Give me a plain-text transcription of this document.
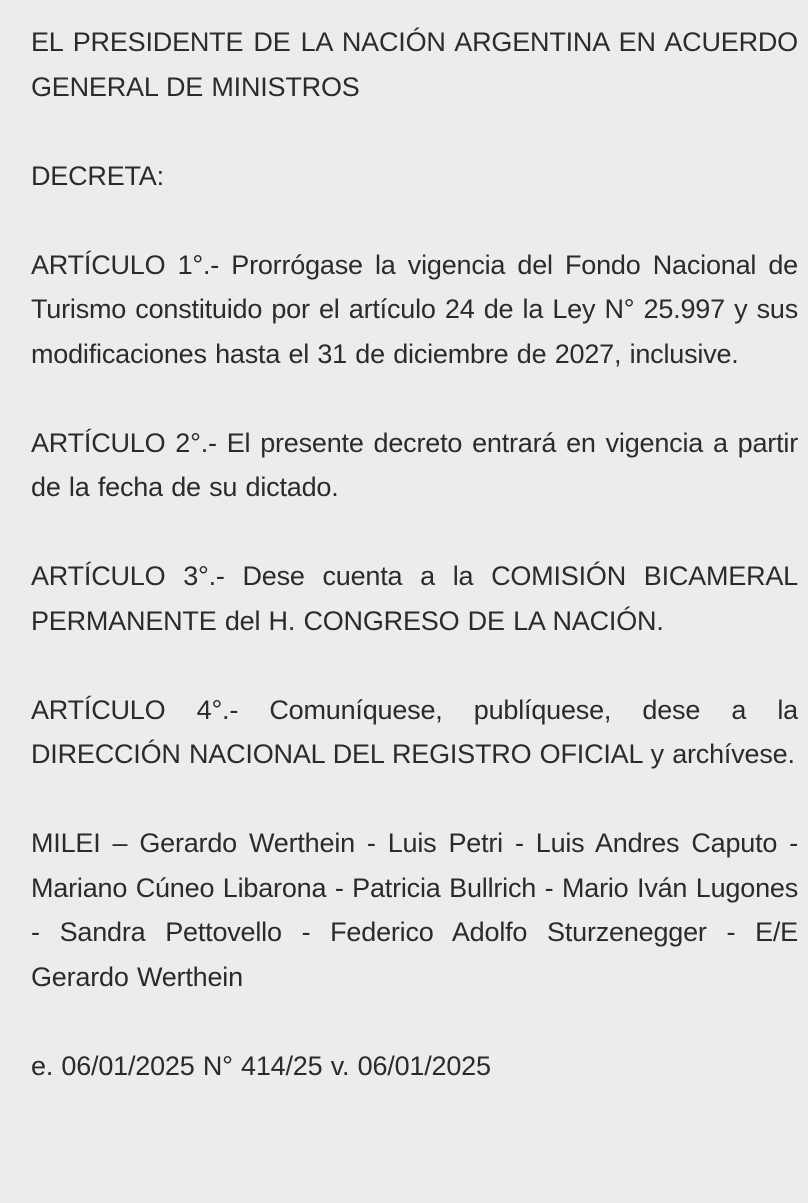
EL PRESIDENTE DE LA NACIÓN ARGENTINA EN ACUERDO GENERAL DE MINISTROS

DECRETA:

ARTÍCULO 1°.- Prorrógase la vigencia del Fondo Nacional de Turismo constituido por el artículo 24 de la Ley N° 25.997 y sus modificaciones hasta el 31 de diciembre de 2027, inclusive.

ARTÍCULO 2°.- El presente decreto entrará en vigencia a partir de la fecha de su dictado.

ARTÍCULO 3°.- Dese cuenta a la COMISIÓN BICAMERAL PERMANENTE del H. CONGRESO DE LA NACIÓN.

ARTÍCULO 4°.- Comuníquese, publíquese, dese a la DIRECCIÓN NACIONAL DEL REGISTRO OFICIAL y archívese.

MILEI – Gerardo Werthein - Luis Petri - Luis Andres Caputo - Mariano Cúneo Libarona - Patricia Bullrich - Mario Iván Lugones - Sandra Pettovello - Federico Adolfo Sturzenegger - E/E Gerardo Werthein

e. 06/01/2025 N° 414/25 v. 06/01/2025
